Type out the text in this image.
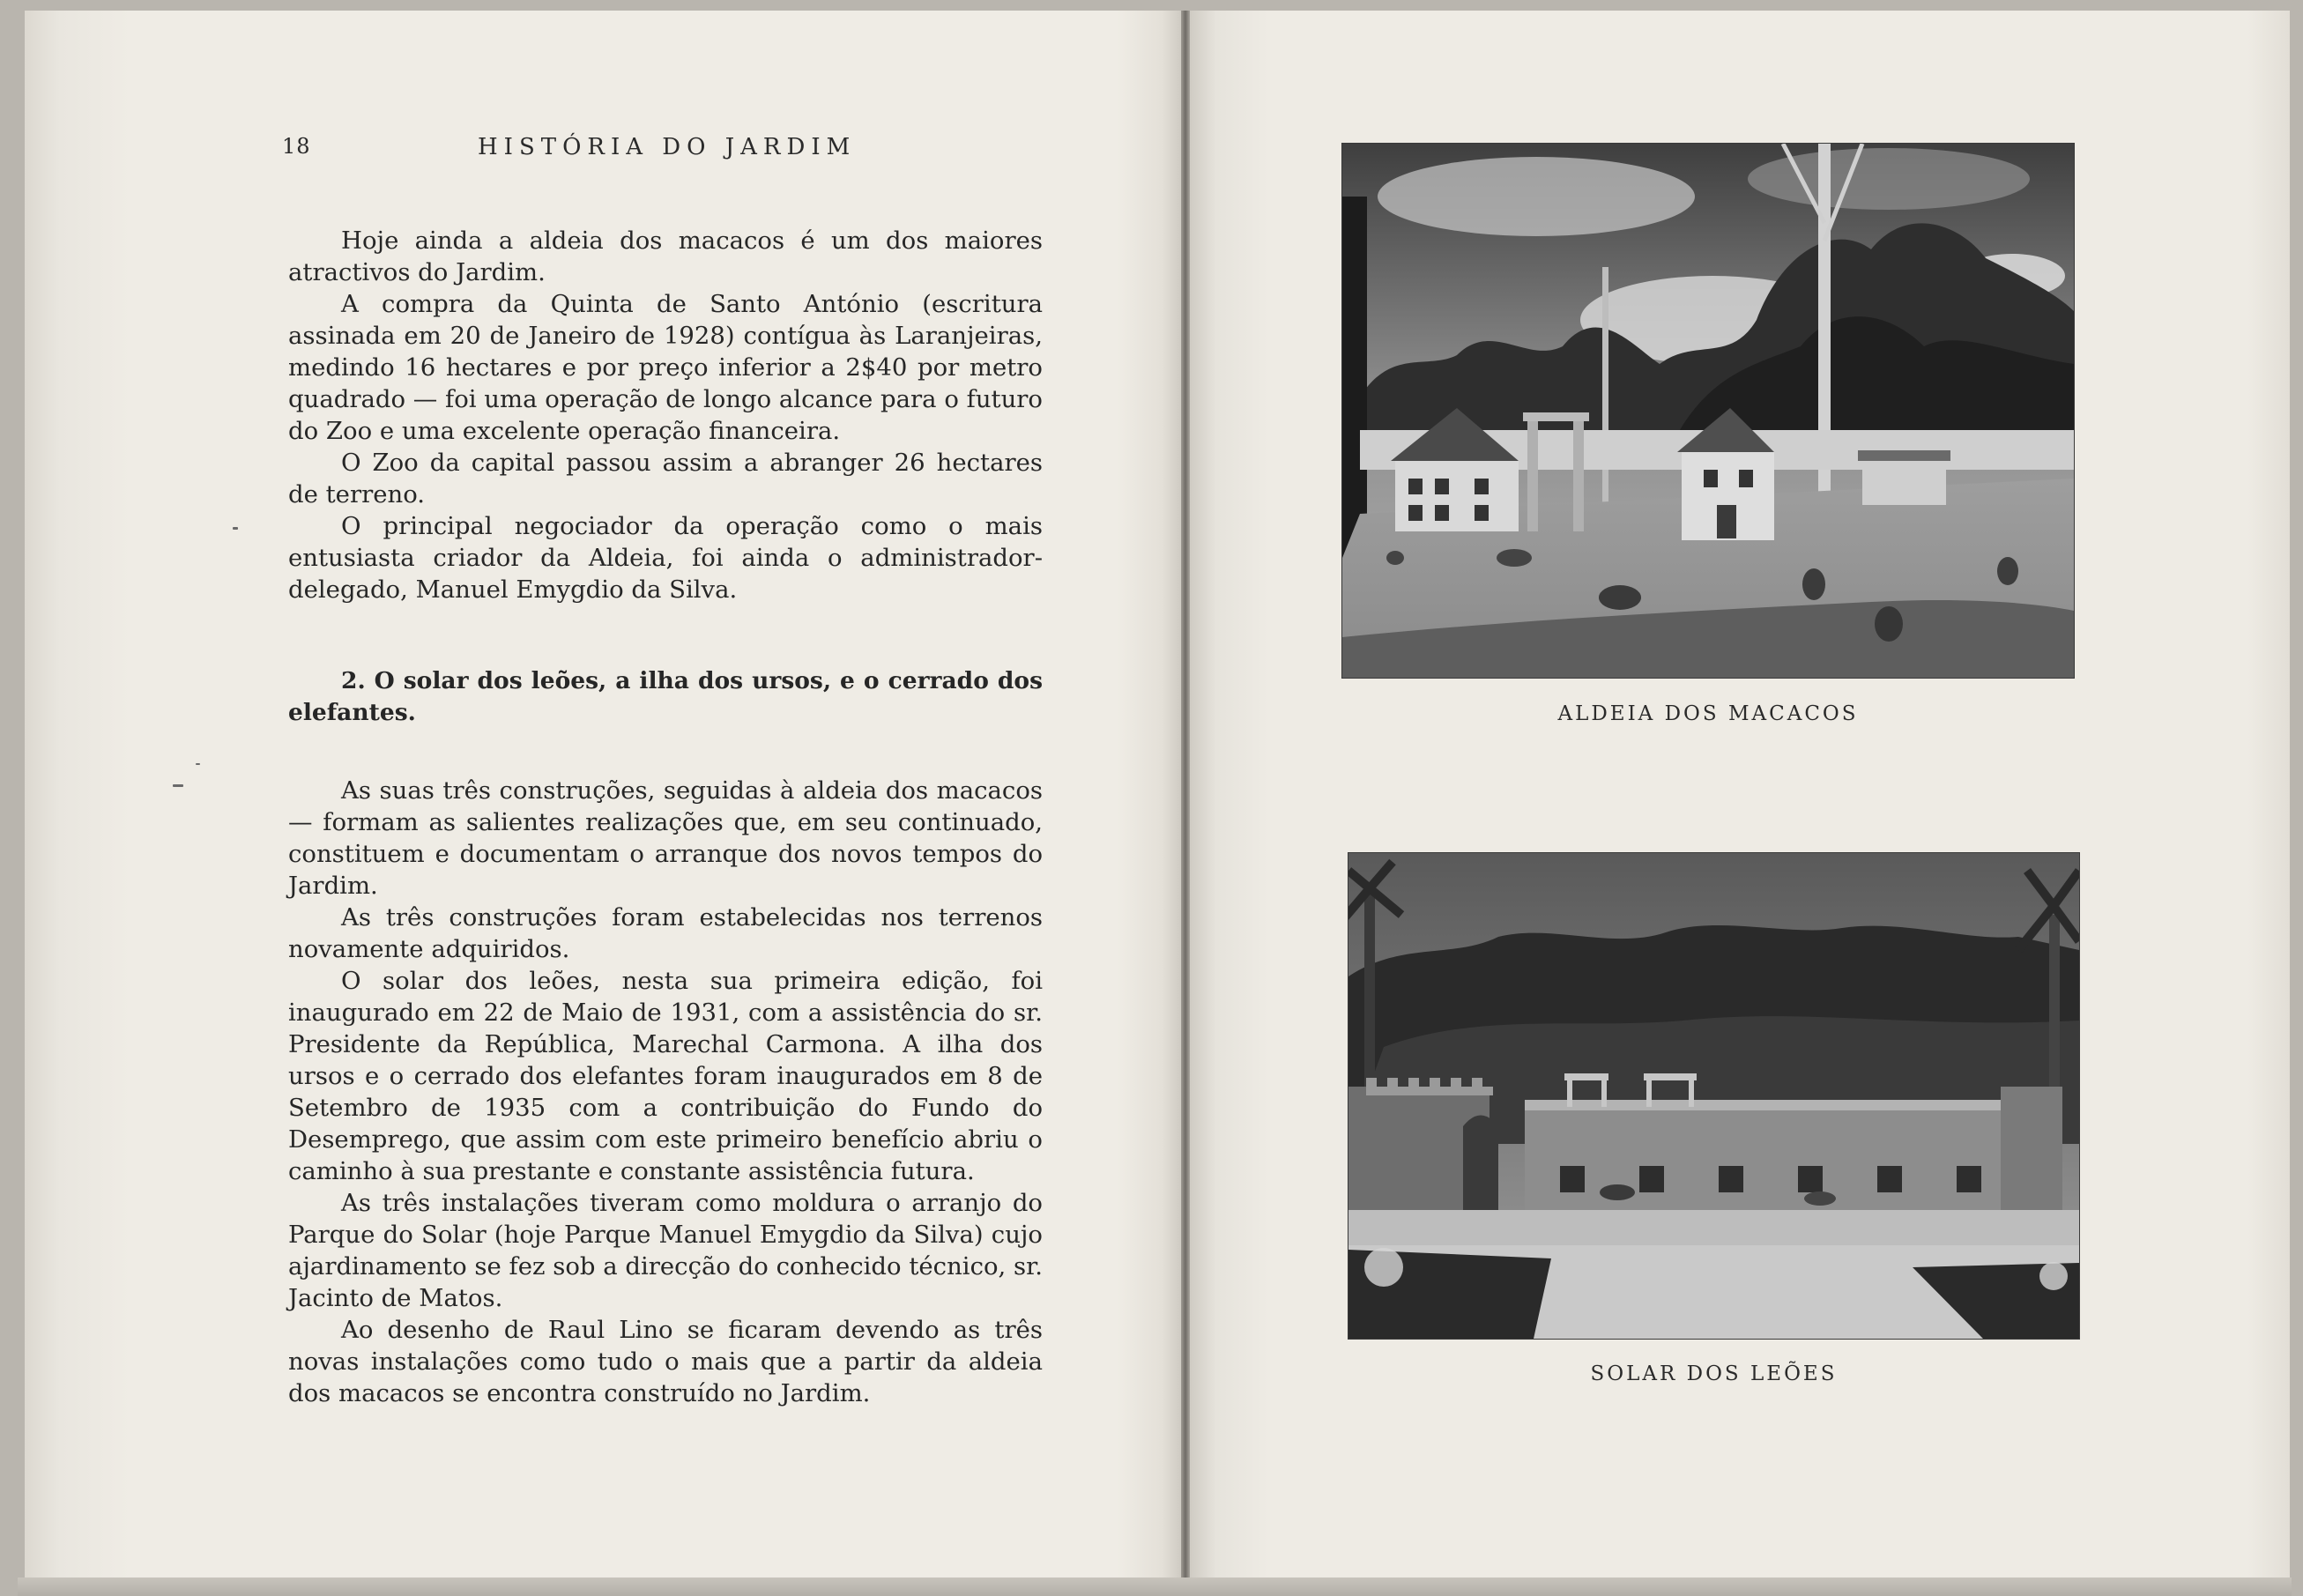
18	HISTÓRIA DO JARDIM

Hoje ainda a aldeia dos macacos é um dos maiores atractivos do Jardim.

A compra da Quinta de Santo António (escritura assinada em 20 de Janeiro de 1928) contígua às Laranjeiras, medindo 16 hectares e por preço inferior a 2$40 por metro quadrado — foi uma operação de longo alcance para o futuro do Zoo e uma excelente operação financeira.

O Zoo da capital passou assim a abranger 26 hectares de terreno.

O principal negociador da operação como o mais entusiasta criador da Aldeia, foi ainda o administrador-delegado, Manuel Emygdio da Silva.

2. O solar dos leões, a ilha dos ursos, e o cerrado dos elefantes.

As suas três construções, seguidas à aldeia dos macacos — formam as salientes realizações que, em seu continuado, constituem e documentam o arranque dos novos tempos do Jardim.

As três construções foram estabelecidas nos terrenos novamente adquiridos.

O solar dos leões, nesta sua primeira edição, foi inaugurado em 22 de Maio de 1931, com a assistência do sr. Presidente da República, Marechal Carmona. A ilha dos ursos e o cerrado dos elefantes foram inaugurados em 8 de Setembro de 1935 com a contribuição do Fundo do Desemprego, que assim com este primeiro benefício abriu o caminho à sua prestante e constante assistência futura.

As três instalações tiveram como moldura o arranjo do Parque do Solar (hoje Parque Manuel Emygdio da Silva) cujo ajardinamento se fez sob a direcção do conhecido técnico, sr. Jacinto de Matos.

Ao desenho de Raul Lino se ficaram devendo as três novas instalações como tudo o mais que a partir da aldeia dos macacos se encontra construído no Jardim.

ALDEIA DOS MACACOS
SOLAR DOS LEÕES
